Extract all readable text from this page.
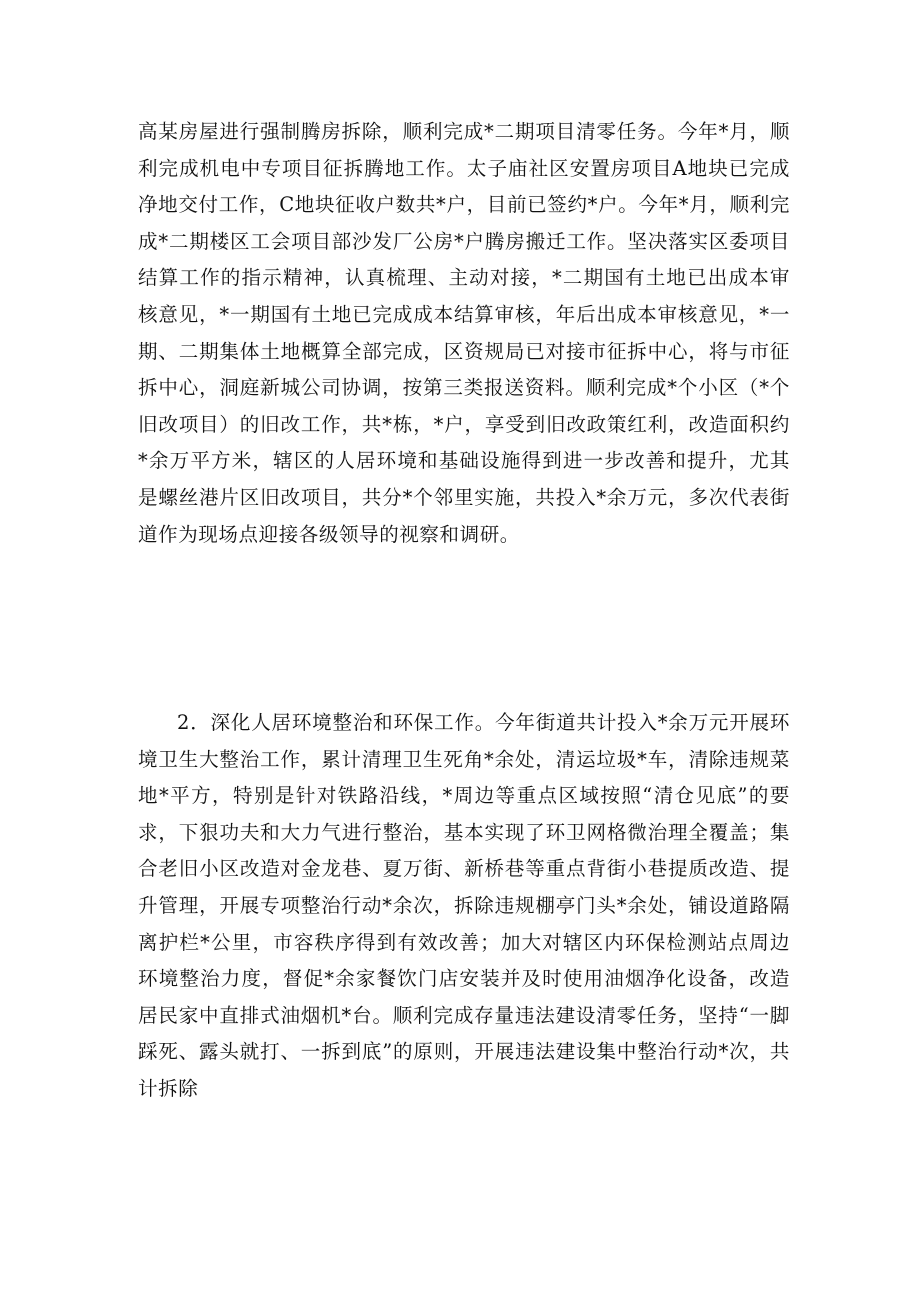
高某房屋进行强制腾房拆除，顺利完成*二期项目清零任务。今年*月，顺利完成机电中专项目征拆腾地工作。太子庙社区安置房项目A地块已完成净地交付工作，C地块征收户数共*户，目前已签约*户。今年*月，顺利完成*二期楼区工会项目部沙发厂公房*户腾房搬迁工作。坚决落实区委项目结算工作的指示精神，认真梳理、主动对接，*二期国有土地已出成本审核意见，*一期国有土地已完成成本结算审核，年后出成本审核意见，*一期、二期集体土地概算全部完成，区资规局已对接市征拆中心，将与市征拆中心，洞庭新城公司协调，按第三类报送资料。顺利完成*个小区（*个旧改项目）的旧改工作，共*栋，*户，享受到旧改政策红利，改造面积约*余万平方米，辖区的人居环境和基础设施得到进一步改善和提升，尤其是螺丝港片区旧改项目，共分*个邻里实施，共投入*余万元，多次代表街道作为现场点迎接各级领导的视察和调研。

2．深化人居环境整治和环保工作。今年街道共计投入*余万元开展环境卫生大整治工作，累计清理卫生死角*余处，清运垃圾*车，清除违规菜地*平方，特别是针对铁路沿线，*周边等重点区域按照“清仓见底”的要求，下狠功夫和大力气进行整治，基本实现了环卫网格微治理全覆盖；集合老旧小区改造对金龙巷、夏万街、新桥巷等重点背街小巷提质改造、提升管理，开展专项整治行动*余次，拆除违规棚亭门头*余处，铺设道路隔离护栏*公里，市容秩序得到有效改善；加大对辖区内环保检测站点周边环境整治力度，督促*余家餐饮门店安装并及时使用油烟净化设备，改造居民家中直排式油烟机*台。顺利完成存量违法建设清零任务，坚持“一脚踩死、露头就打、一拆到底”的原则，开展违法建设集中整治行动*次，共计拆除
